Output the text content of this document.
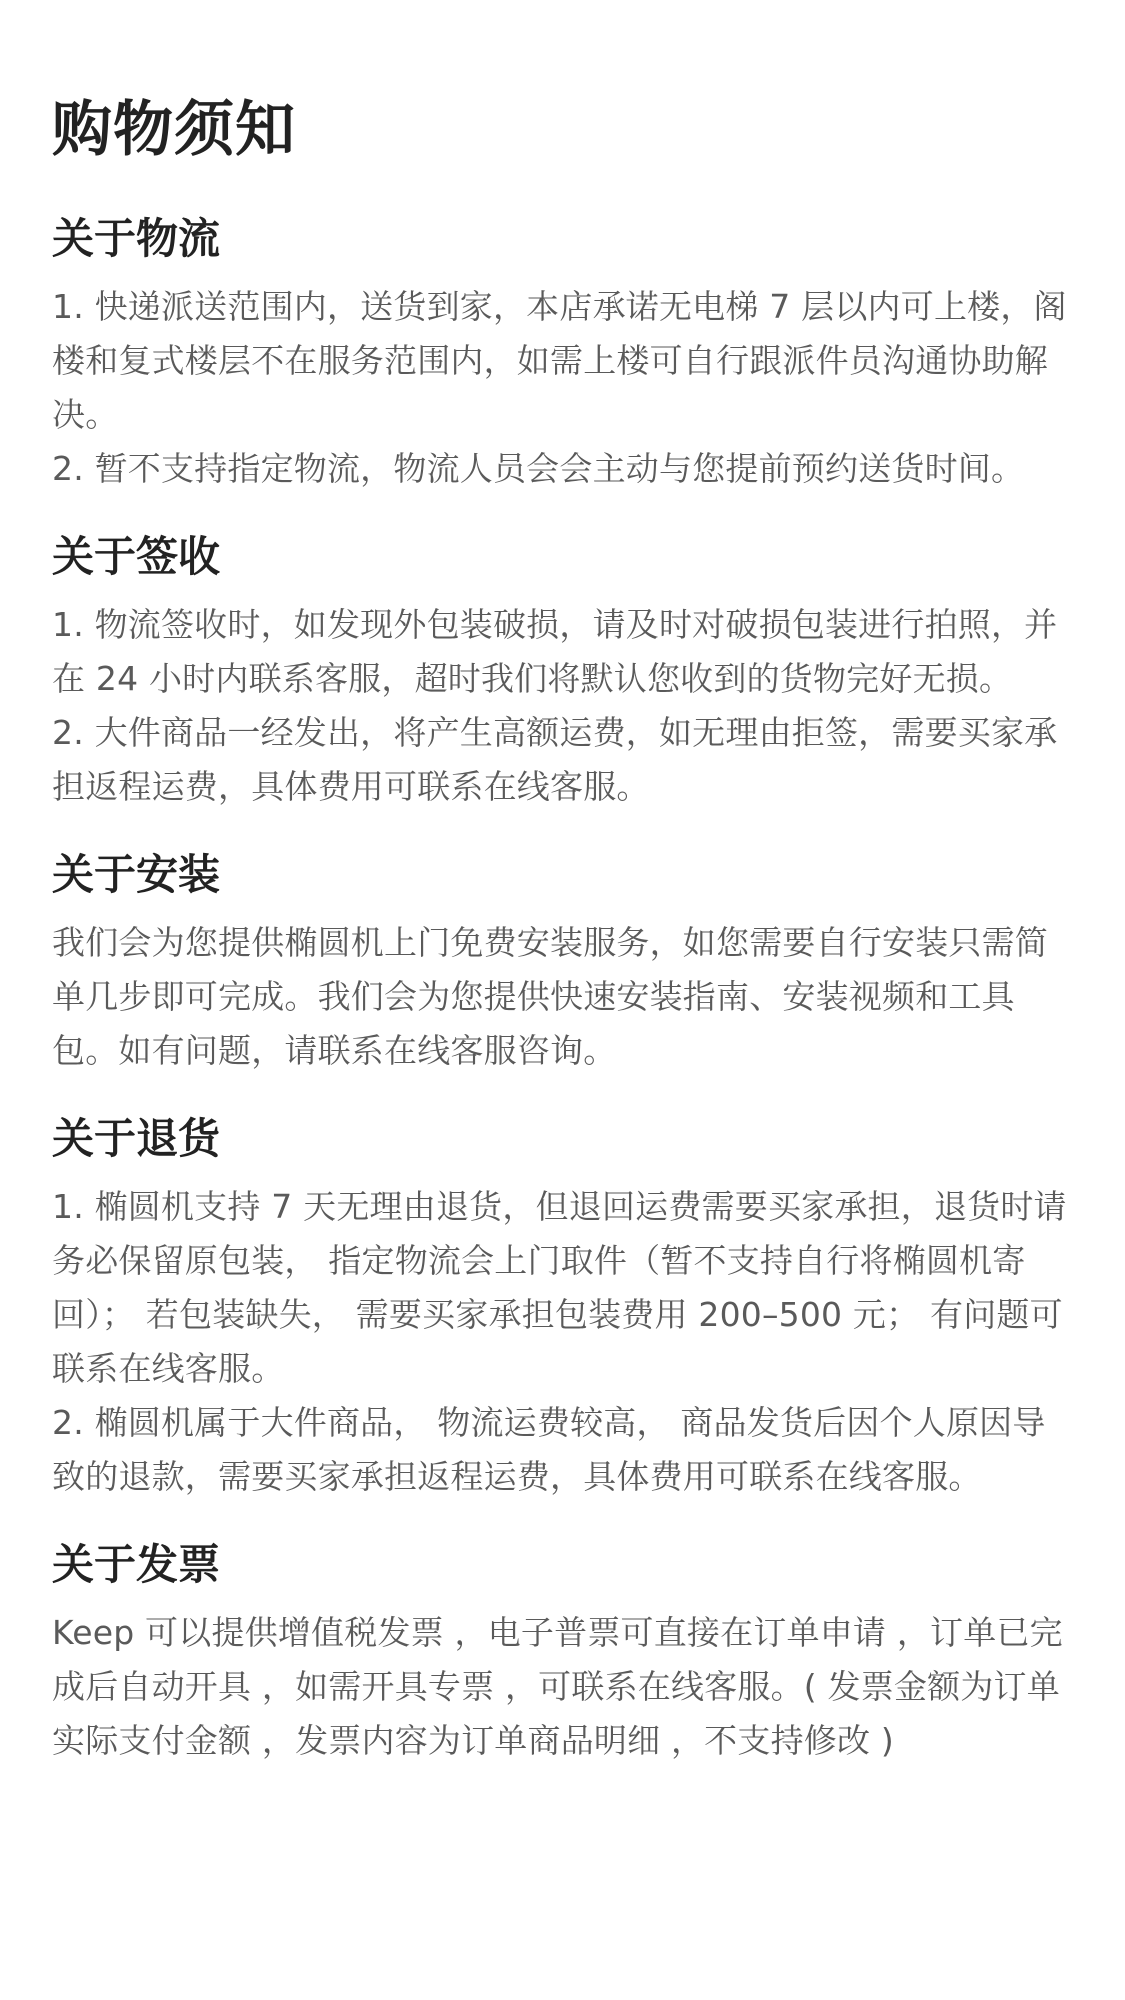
购物须知
关于物流

1. 快递派送范围内，送货到家，本店承诺无电梯 7 层以内可上楼，阁楼和复式楼层不在服务范围内，如需上楼可自行跟派件员沟通协助解决。

2. 暂不支持指定物流，物流人员会会主动与您提前预约送货时间。

关于签收

1. 物流签收时，如发现外包装破损，请及时对破损包装进行拍照，并在 24 小时内联系客服，超时我们将默认您收到的货物完好无损。

2. 大件商品一经发出，将产生高额运费，如无理由拒签，需要买家承担返程运费，具体费用可联系在线客服。

关于安装

我们会为您提供椭圆机上门免费安装服务，如您需要自行安装只需简单几步即可完成。我们会为您提供快速安装指南、安装视频和工具包。如有问题，请联系在线客服咨询。

关于退货

1. 椭圆机支持 7 天无理由退货，但退回运费需要买家承担，退货时请务必保留原包装， 指定物流会上门取件（暂不支持自行将椭圆机寄回）； 若包装缺失， 需要买家承担包装费用 200–500 元； 有问题可联系在线客服。

2. 椭圆机属于大件商品， 物流运费较高， 商品发货后因个人原因导致的退款，需要买家承担返程运费，具体费用可联系在线客服。

关于发票

Keep 可以提供增值税发票 ，电子普票可直接在订单申请 ，订单已完成后自动开具 ，如需开具专票 ，可联系在线客服。( 发票金额为订单实际支付金额 ，发票内容为订单商品明细 ，不支持修改 )
